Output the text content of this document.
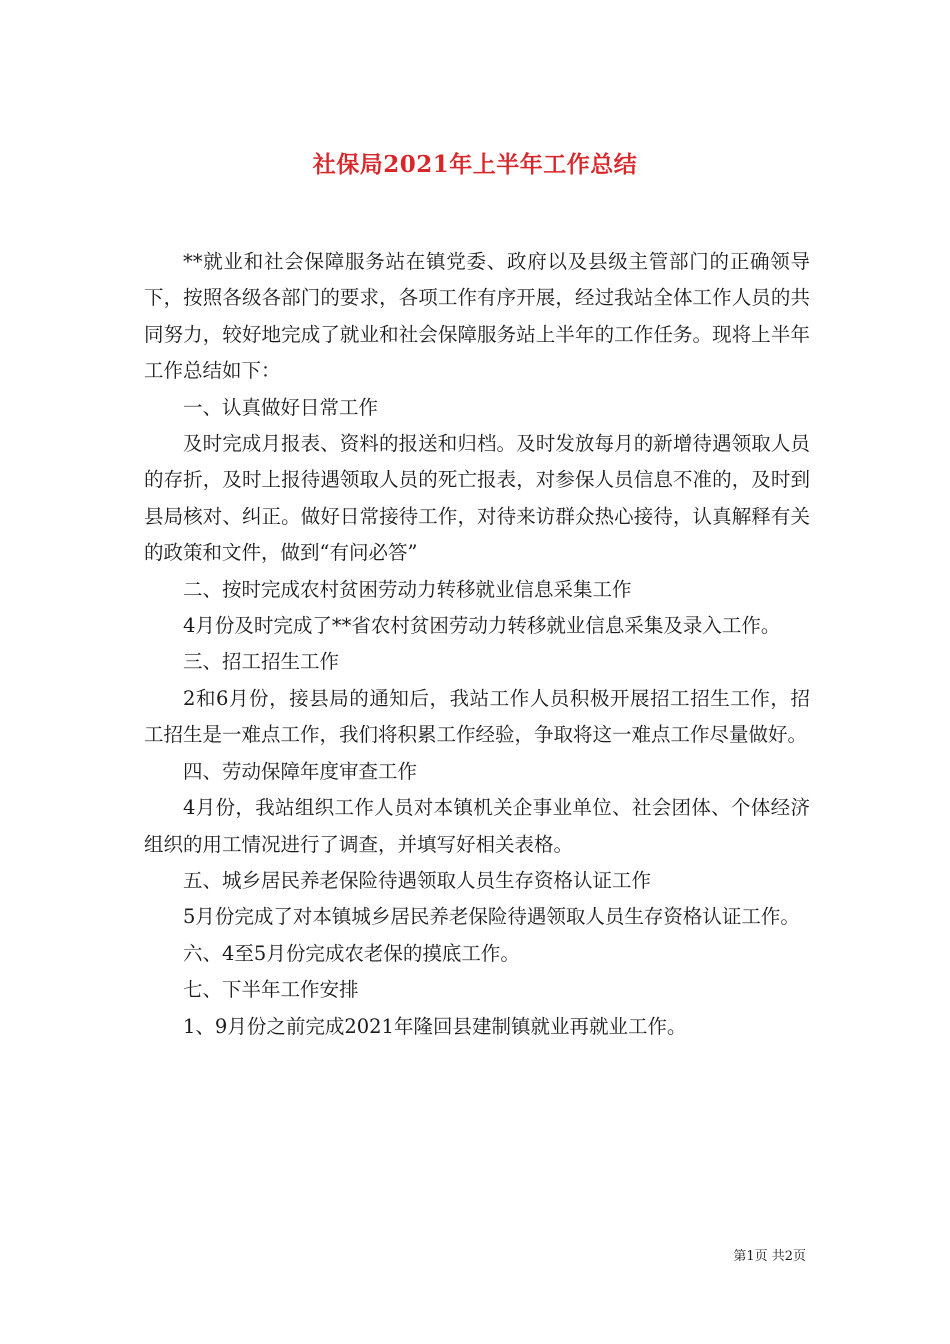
社保局2021年上半年工作总结

**就业和社会保障服务站在镇党委、政府以及县级主管部门的正确领导下，按照各级各部门的要求，各项工作有序开展，经过我站全体工作人员的共同努力，较好地完成了就业和社会保障服务站上半年的工作任务。现将上半年工作总结如下：

一、认真做好日常工作

及时完成月报表、资料的报送和归档。及时发放每月的新增待遇领取人员的存折，及时上报待遇领取人员的死亡报表，对参保人员信息不准的，及时到县局核对、纠正。做好日常接待工作，对待来访群众热心接待，认真解释有关的政策和文件，做到“有问必答”

二、按时完成农村贫困劳动力转移就业信息采集工作

4月份及时完成了**省农村贫困劳动力转移就业信息采集及录入工作。

三、招工招生工作

2和6月份，接县局的通知后，我站工作人员积极开展招工招生工作，招工招生是一难点工作，我们将积累工作经验，争取将这一难点工作尽量做好。

四、劳动保障年度审查工作

4月份，我站组织工作人员对本镇机关企事业单位、社会团体、个体经济组织的用工情况进行了调查，并填写好相关表格。

五、城乡居民养老保险待遇领取人员生存资格认证工作

5月份完成了对本镇城乡居民养老保险待遇领取人员生存资格认证工作。

六、4至5月份完成农老保的摸底工作。

七、下半年工作安排

1、9月份之前完成2021年隆回县建制镇就业再就业工作。

第1页 共2页
